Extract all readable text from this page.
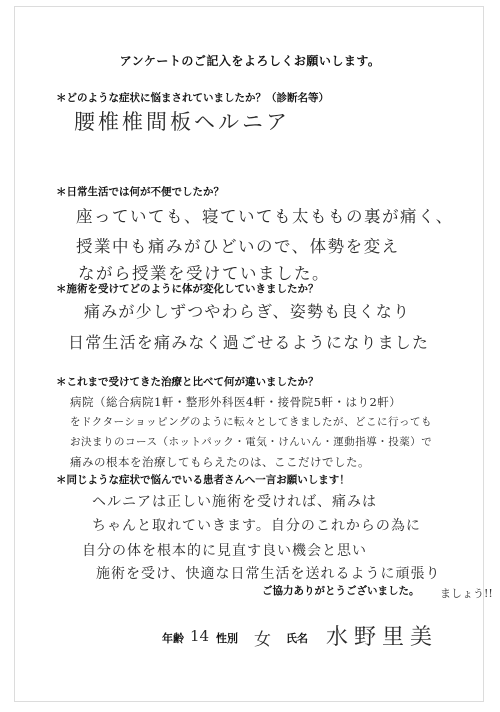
アンケートのご記入をよろしくお願いします。
＊どのような症状に悩まされていましたか？（診断名等）
腰椎椎間板ヘルニア
＊日常生活では何が不便でしたか？
座っていても、寝ていても太ももの裏が痛く、
授業中も痛みがひどいので、体勢を変え
ながら授業を受けていました。
＊施術を受けてどのように体が変化していきましたか？
痛みが少しずつやわらぎ、姿勢も良くなり
日常生活を痛みなく過ごせるようになりました
＊これまで受けてきた治療と比べて何が違いましたか？
病院（総合病院1軒・整形外科医4軒・接骨院5軒・はり2軒）
をドクターショッピングのように転々としてきましたが、どこに行っても
お決まりのコース（ホットパック・電気・けんいん・運動指導・投薬）で
痛みの根本を治療してもらえたのは、ここだけでした。
＊同じような症状で悩んでいる患者さんへ一言お願いします！
ヘルニアは正しい施術を受ければ、痛みは
ちゃんと取れていきます。自分のこれからの為に
自分の体を根本的に見直す良い機会と思い
施術を受け、快適な日常生活を送れるように頑張り
ご協力ありがとうございました。 ましょう!!
年齢 14 性別 女 氏名 水野里美
